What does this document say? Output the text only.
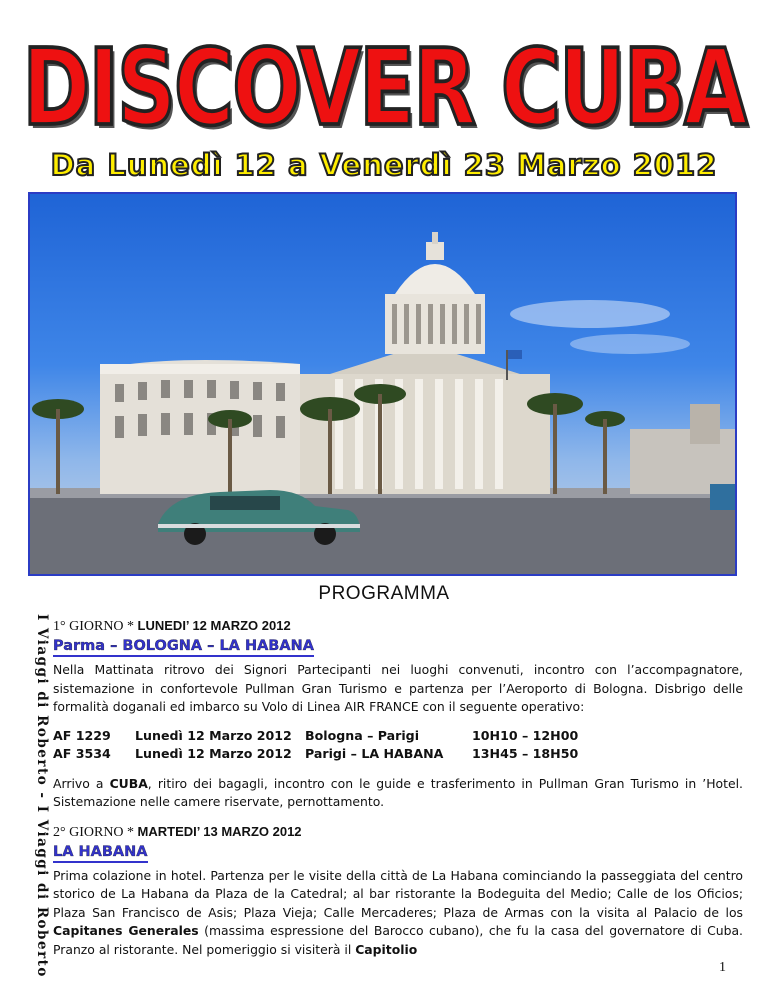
DISCOVER CUBA
Da Lunedì 12 a Venerdì 23 Marzo 2012
PROGRAMMA
I Viaggi di Roberto - I Viaggi di Roberto 1° GIORNO * LUNEDI’ 12 MARZO 2012
Parma – BOLOGNA – LA HABANA
Nella Mattinata ritrovo dei Signori Partecipanti nei luoghi convenuti, incontro con l’accompagnatore, sistemazione in confortevole Pullman Gran Turismo e partenza per l’Aeroporto di Bologna. Disbrigo delle formalità doganali ed imbarco su Volo di Linea AIR FRANCE con il seguente operativo:
AF 1229	Lunedì 12 Marzo 2012	Bologna – Parigi	10H10 – 12H00
AF 3534	Lunedì 12 Marzo 2012	Parigi – LA HABANA	13H45 – 18H50
Arrivo a CUBA, ritiro dei bagagli, incontro con le guide e trasferimento in Pullman Gran Turismo in ’Hotel. Sistemazione nelle camere riservate, pernottamento.
2° GIORNO * MARTEDI’ 13 MARZO 2012
LA HABANA
Prima colazione in hotel. Partenza per le visite della città de La Habana cominciando la passeggiata del centro storico de La Habana da Plaza de la Catedral; al bar ristorante la Bodeguita del Medio; Calle de los Oficios; Plaza San Francisco de Asis; Plaza Vieja; Calle Mercaderes; Plaza de Armas con la visita al Palacio de los Capitanes Generales (massima espressione del Barocco cubano), che fu la casa del governatore di Cuba. Pranzo al ristorante. Nel pomeriggio si visiterà il Capitolio
1
